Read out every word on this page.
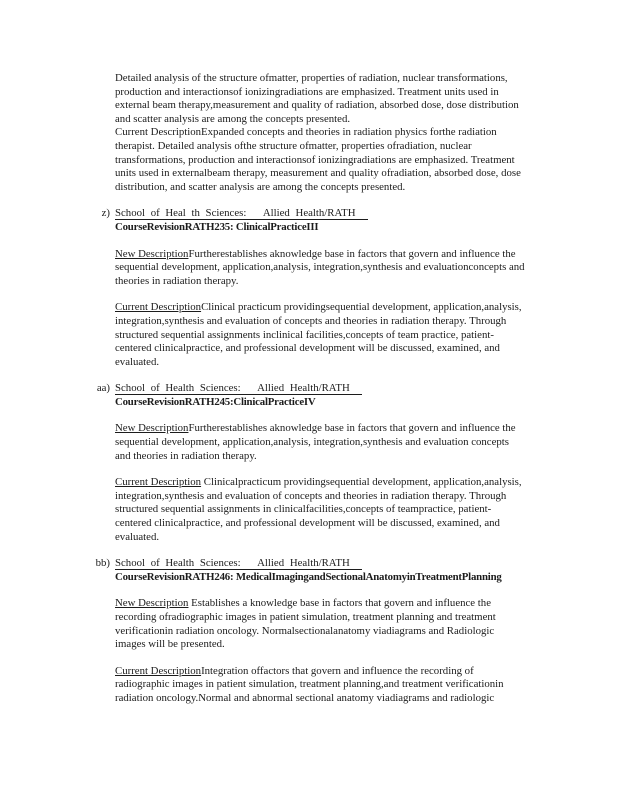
Detailed analysis of the structure ofmatter, properties of radiation, nuclear transformations, production and interactionsof ionizingradiations are emphasized. Treatment units used in external beam therapy,measurement and quality of radiation, absorbed dose, dose distribution and scatter analysis are among the concepts presented.

Current DescriptionExpanded concepts and theories in radiation physics forthe radiation therapist. Detailed analysis ofthe structure ofmatter, properties ofradiation, nuclear transformations, production and interactionsof ionizingradiations are emphasized. Treatment units used in externalbeam therapy, measurement and quality ofradiation, absorbed dose, dose distribution, and scatter analysis are among the concepts presented.

z) School of Heal th Sciences:   Allied Health/RATH
CourseRevisionRATH235: ClinicalPracticeIII

New DescriptionFurtherestablishes aknowledge base in factors that govern and influence the sequential development, application,analysis, integration,synthesis and evaluationconcepts and theories in radiation therapy.

Current DescriptionClinical practicum providingsequential development, application,analysis, integration,synthesis and evaluation of concepts and theories in radiation therapy. Through structured sequential assignments inclinical facilities,concepts of team practice, patient-centered clinicalpractice, and professional development will be discussed, examined, and evaluated.

aa) School of Health Sciences:   Allied Health/RATH
CourseRevisionRATH245:ClinicalPracticeIV

New DescriptionFurtherestablishes aknowledge base in factors that govern and influence the sequential development, application,analysis, integration,synthesis and evaluation concepts and theories in radiation therapy.

Current Description Clinicalpracticum providingsequential development, application,analysis, integration,synthesis and evaluation of concepts and theories in radiation therapy. Through structured sequential assignments in clinicalfacilities,concepts of teampractice, patient-centered clinicalpractice, and professional development will be discussed, examined, and evaluated.

bb) School of Health Sciences:   Allied Health/RATH
CourseRevisionRATH246: MedicalImagingandSectionalAnatomyinTreatmentPlanning

New Description Establishes a knowledge base in factors that govern and influence the recording ofradiographic images in patient simulation, treatment planning and treatment verificationin radiation oncology. Normalsectionalanatomy viadiagrams and Radiologic images will be presented.

Current DescriptionIntegration offactors that govern and influence the recording of radiographic images in patient simulation, treatment planning,and treatment verificationin radiation oncology.Normal and abnormal sectional anatomy viadiagrams and radiologic
